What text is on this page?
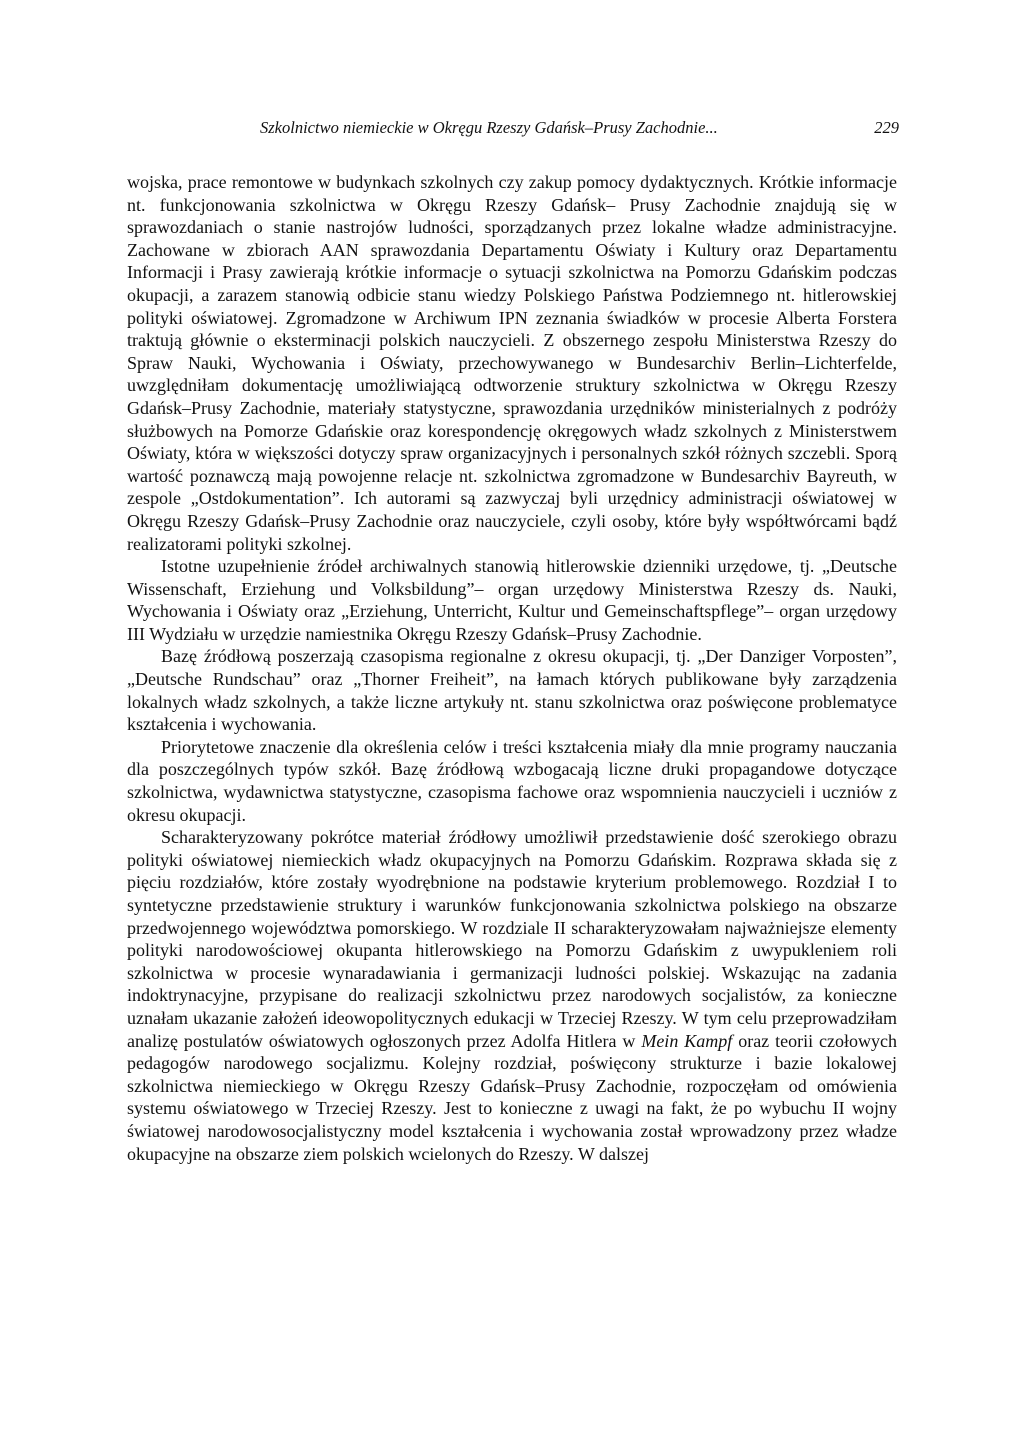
Szkolnictwo niemieckie w Okręgu Rzeszy Gdańsk–Prusy Zachodnie...	229

wojska, prace remontowe w budynkach szkolnych czy zakup pomocy dydaktycznych. Krótkie informacje nt. funkcjonowania szkolnictwa w Okręgu Rzeszy Gdańsk– Prusy Zachodnie znajdują się w sprawozdaniach o stanie nastrojów ludności, sporządzanych przez lokalne władze administracyjne. Zachowane w zbiorach AAN sprawozdania Departamentu Oświaty i Kultury oraz Departamentu Informacji i Prasy zawierają krótkie informacje o sytuacji szkolnictwa na Pomorzu Gdańskim podczas okupacji, a zarazem stanowią odbicie stanu wiedzy Polskiego Państwa Podziemnego nt. hitlerowskiej polityki oświatowej. Zgromadzone w Archiwum IPN zeznania świadków w procesie Alberta Forstera traktują głównie o eksterminacji polskich nauczycieli. Z obszernego zespołu Ministerstwa Rzeszy do Spraw Nauki, Wychowania i Oświaty, przechowywanego w Bundesarchiv Berlin–Lichterfelde, uwzględniłam dokumentację umożliwiającą odtworzenie struktury szkolnictwa w Okręgu Rzeszy Gdańsk–Prusy Zachodnie, materiały statystyczne, sprawozdania urzędników ministerialnych z podróży służbowych na Pomorze Gdańskie oraz korespondencję okręgowych władz szkolnych z Ministerstwem Oświaty, która w większości dotyczy spraw organizacyjnych i personalnych szkół różnych szczebli. Sporą wartość poznawczą mają powojenne relacje nt. szkolnictwa zgromadzone w Bundesarchiv Bayreuth, w zespole „Ostdokumentation”. Ich autorami są zazwyczaj byli urzędnicy administracji oświatowej w Okręgu Rzeszy Gdańsk–Prusy Zachodnie oraz nauczyciele, czyli osoby, które były współtwórcami bądź realizatorami polityki szkolnej.

Istotne uzupełnienie źródeł archiwalnych stanowią hitlerowskie dzienniki urzędowe, tj. „Deutsche Wissenschaft, Erziehung und Volksbildung”– organ urzędowy Ministerstwa Rzeszy ds. Nauki, Wychowania i Oświaty oraz „Erziehung, Unterricht, Kultur und Gemeinschaftspflege”– organ urzędowy III Wydziału w urzędzie namiestnika Okręgu Rzeszy Gdańsk–Prusy Zachodnie.

Bazę źródłową poszerzają czasopisma regionalne z okresu okupacji, tj. „Der Danziger Vorposten”, „Deutsche Rundschau” oraz „Thorner Freiheit”, na łamach których publikowane były zarządzenia lokalnych władz szkolnych, a także liczne artykuły nt. stanu szkolnictwa oraz poświęcone problematyce kształcenia i wychowania.

Priorytetowe znaczenie dla określenia celów i treści kształcenia miały dla mnie programy nauczania dla poszczególnych typów szkół. Bazę źródłową wzbogacają liczne druki propagandowe dotyczące szkolnictwa, wydawnictwa statystyczne, czasopisma fachowe oraz wspomnienia nauczycieli i uczniów z okresu okupacji.

Scharakteryzowany pokrótce materiał źródłowy umożliwił przedstawienie dość szerokiego obrazu polityki oświatowej niemieckich władz okupacyjnych na Pomorzu Gdańskim. Rozprawa składa się z pięciu rozdziałów, które zostały wyodrębnione na podstawie kryterium problemowego. Rozdział I to syntetyczne przedstawienie struktury i warunków funkcjonowania szkolnictwa polskiego na obszarze przedwojennego województwa pomorskiego. W rozdziale II scharakteryzowałam najważniejsze elementy polityki narodowościowej okupanta hitlerowskiego na Pomorzu Gdańskim z uwypukleniem roli szkolnictwa w procesie wynaradawiania i germanizacji ludności polskiej. Wskazując na zadania indoktrynacyjne, przypisane do realizacji szkolnictwu przez narodowych socjalistów, za konieczne uznałam ukazanie założeń ideowopolitycznych edukacji w Trzeciej Rzeszy. W tym celu przeprowadziłam analizę postulatów oświatowych ogłoszonych przez Adolfa Hitlera w Mein Kampf oraz teorii czołowych pedagogów narodowego socjalizmu. Kolejny rozdział, poświęcony strukturze i bazie lokalowej szkolnictwa niemieckiego w Okręgu Rzeszy Gdańsk–Prusy Zachodnie, rozpoczęłam od omówienia systemu oświatowego w Trzeciej Rzeszy. Jest to konieczne z uwagi na fakt, że po wybuchu II wojny światowej narodowosocjalistyczny model kształcenia i wychowania został wprowadzony przez władze okupacyjne na obszarze ziem polskich wcielonych do Rzeszy. W dalszej
